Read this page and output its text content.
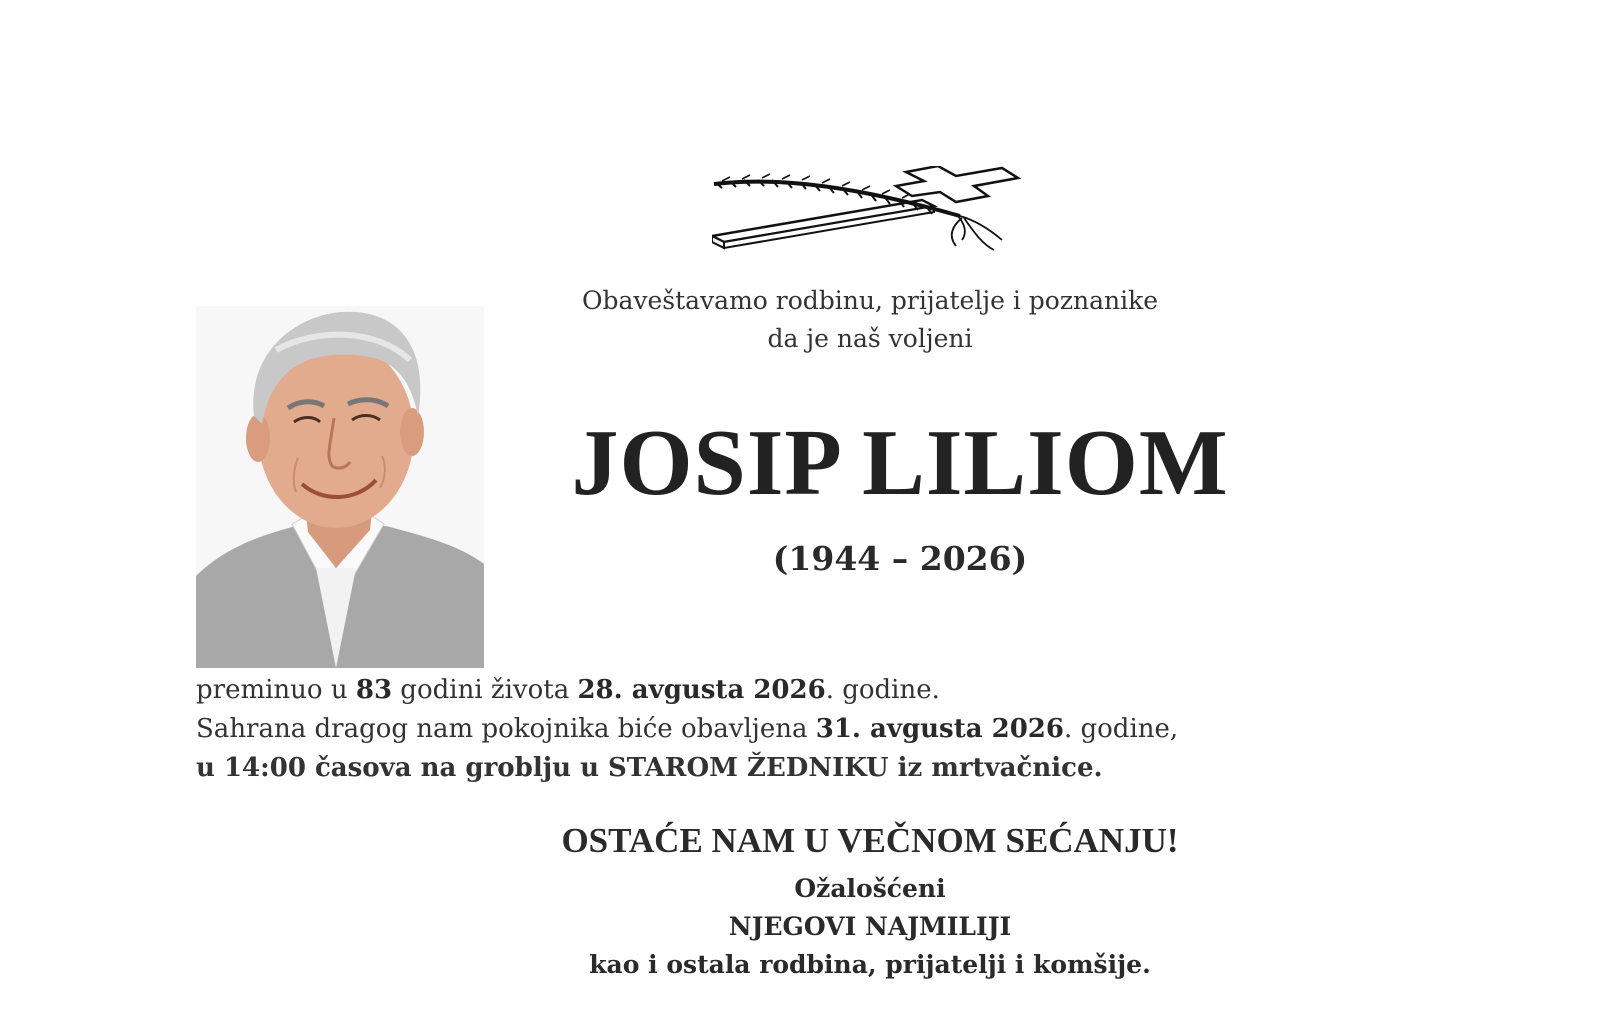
Obaveštavamo rodbinu, prijatelje i poznanike
da je naš voljeni
JOSIP LILIOM
(1944 – 2026)
preminuo u 83 godini života 28. avgusta 2026. godine.
Sahrana dragog nam pokojnika biće obavljena 31. avgusta 2026. godine,
u 14:00 časova na groblju u STAROM ŽEDNIKU iz mrtvačnice.
OSTAĆE NAM U VEČNOM SEĆANJU!
Ožalošćeni
NJEGOVI NAJMILIJI
kao i ostala rodbina, prijatelji i komšije.
